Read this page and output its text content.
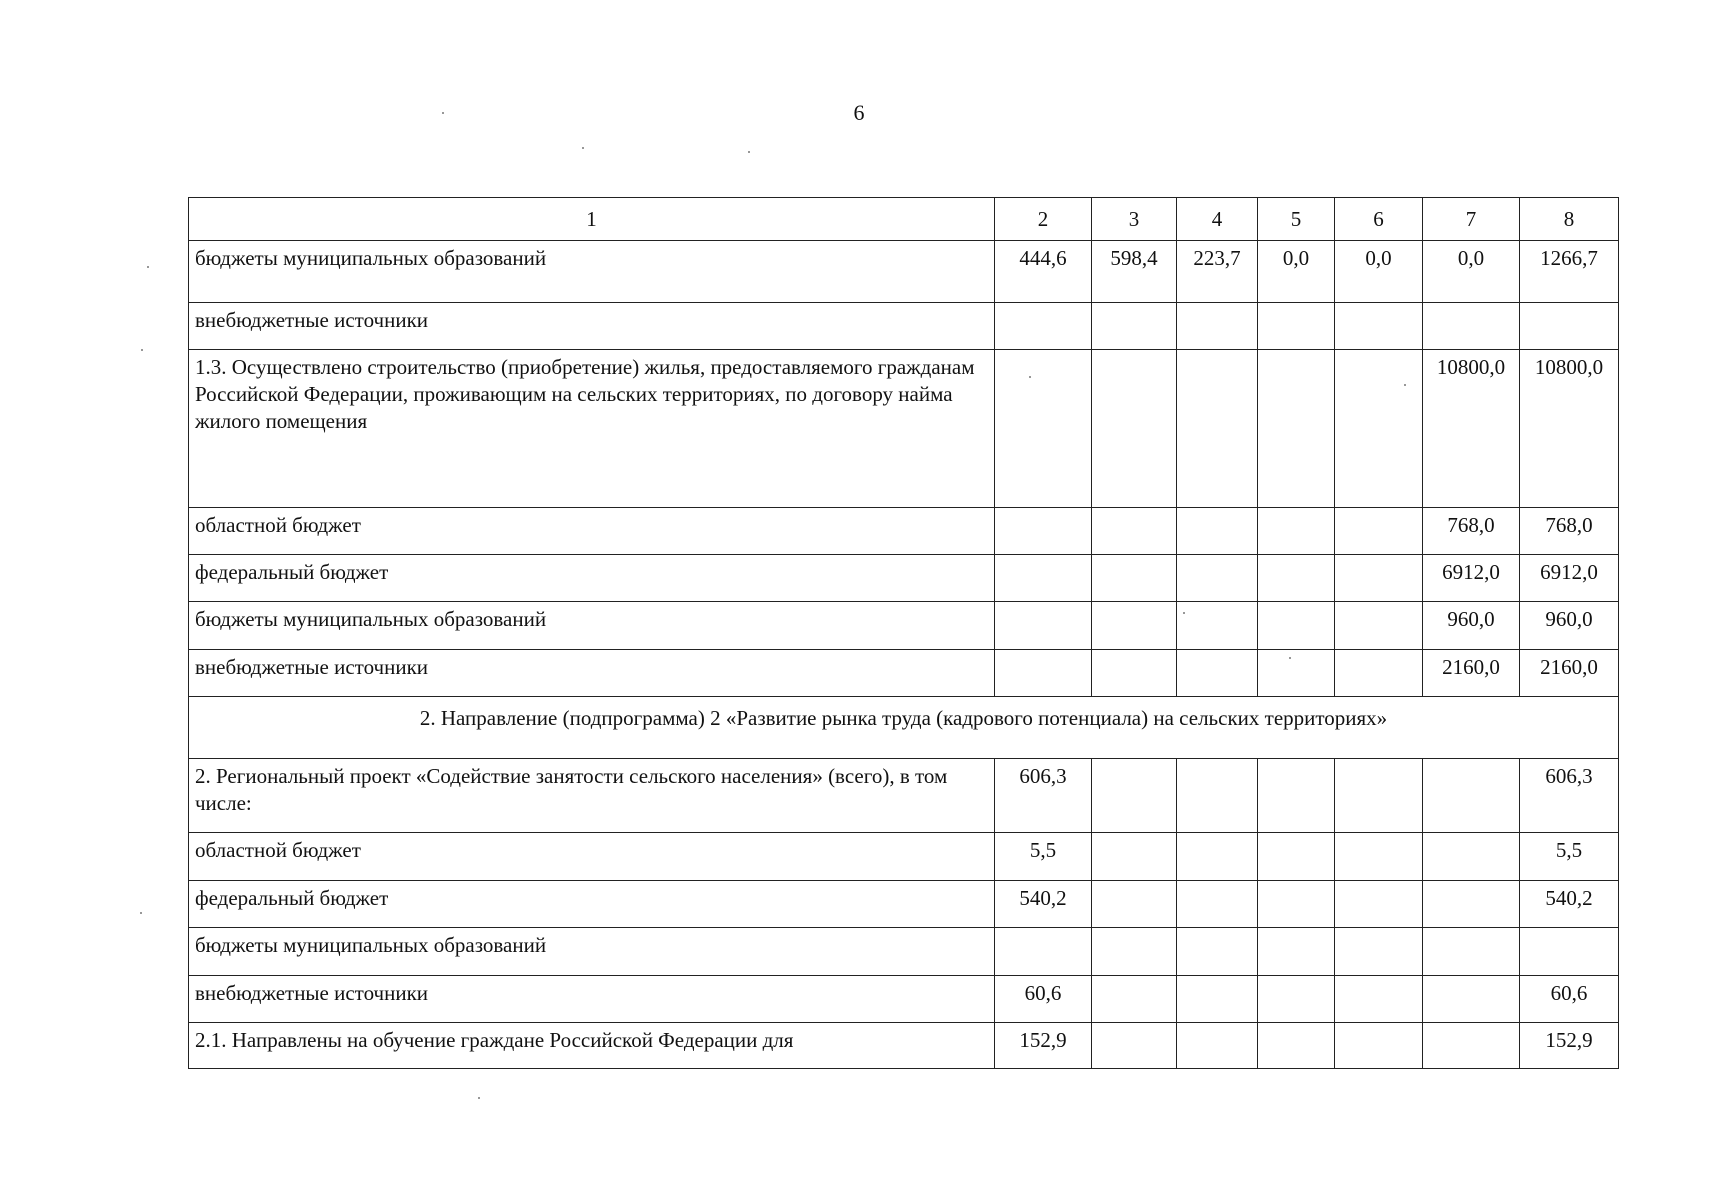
6
1	2	3	4	5	6	7	8
бюджеты муниципальных образований	444,6	598,4	223,7	0,0	0,0	0,0	1266,7
внебюджетные источники							
1.3. Осуществлено строительство (приобретение) жилья, предоставляемого гражданам Российской Федерации, проживающим на сельских территориях, по договору найма жилого помещения						10800,0	10800,0
областной бюджет						768,0	768,0
федеральный бюджет						6912,0	6912,0
бюджеты муниципальных образований						960,0	960,0
внебюджетные источники						2160,0	2160,0
2. Направление (подпрограмма) 2 «Развитие рынка труда (кадрового потенциала) на сельских территориях»							
2. Региональный проект «Содействие занятости сельского населения» (всего), в том числе:	606,3						606,3
областной бюджет	5,5						5,5
федеральный бюджет	540,2						540,2
бюджеты муниципальных образований							
внебюджетные источники	60,6						60,6
2.1. Направлены на обучение граждане Российской Федерации для	152,9						152,9
